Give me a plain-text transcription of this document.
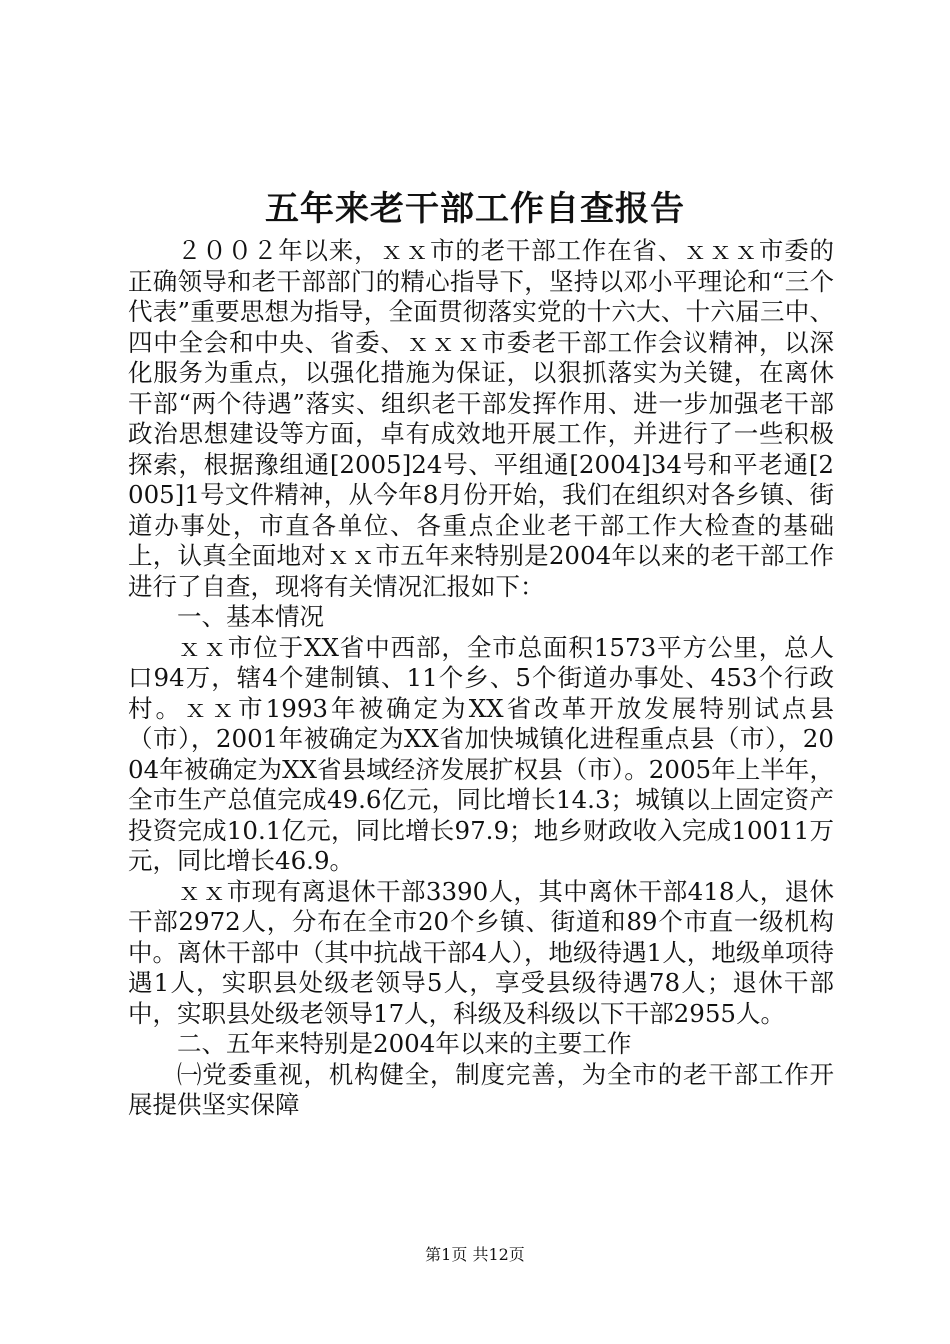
五年来老干部工作自查报告

２００２年以来，ｘｘ市的老干部工作在省、ｘｘｘ市委的正确领导和老干部部门的精心指导下，坚持以邓小平理论和“三个代表”重要思想为指导，全面贯彻落实党的十六大、十六届三中、四中全会和中央、省委、ｘｘｘ市委老干部工作会议精神，以深化服务为重点，以强化措施为保证，以狠抓落实为关键，在离休干部“两个待遇”落实、组织老干部发挥作用、进一步加强老干部政治思想建设等方面，卓有成效地开展工作，并进行了一些积极探索，根据豫组通[2005]24号、平组通[2004]34号和平老通[2005]1号文件精神，从今年8月份开始，我们在组织对各乡镇、街道办事处，市直各单位、各重点企业老干部工作大检查的基础上，认真全面地对ｘｘ市五年来特别是2004年以来的老干部工作进行了自查，现将有关情况汇报如下：

一、基本情况

ｘｘ市位于XX省中西部，全市总面积1573平方公里，总人口94万，辖4个建制镇、11个乡、5个街道办事处、453个行政村。ｘｘ市1993年被确定为XX省改革开放发展特别试点县（市），2001年被确定为XX省加快城镇化进程重点县（市），2004年被确定为XX省县域经济发展扩权县（市）。2005年上半年，全市生产总值完成49.6亿元，同比增长14.3；城镇以上固定资产投资完成10.1亿元，同比增长97.9；地乡财政收入完成10011万元，同比增长46.9。

ｘｘ市现有离退休干部3390人，其中离休干部418人，退休干部2972人，分布在全市20个乡镇、街道和89个市直一级机构中。离休干部中（其中抗战干部4人），地级待遇1人，地级单项待遇1人，实职县处级老领导5人，享受县级待遇78人；退休干部中，实职县处级老领导17人，科级及科级以下干部2955人。

二、五年来特别是2004年以来的主要工作

㈠党委重视，机构健全，制度完善，为全市的老干部工作开展提供坚实保障

第1页 共12页
